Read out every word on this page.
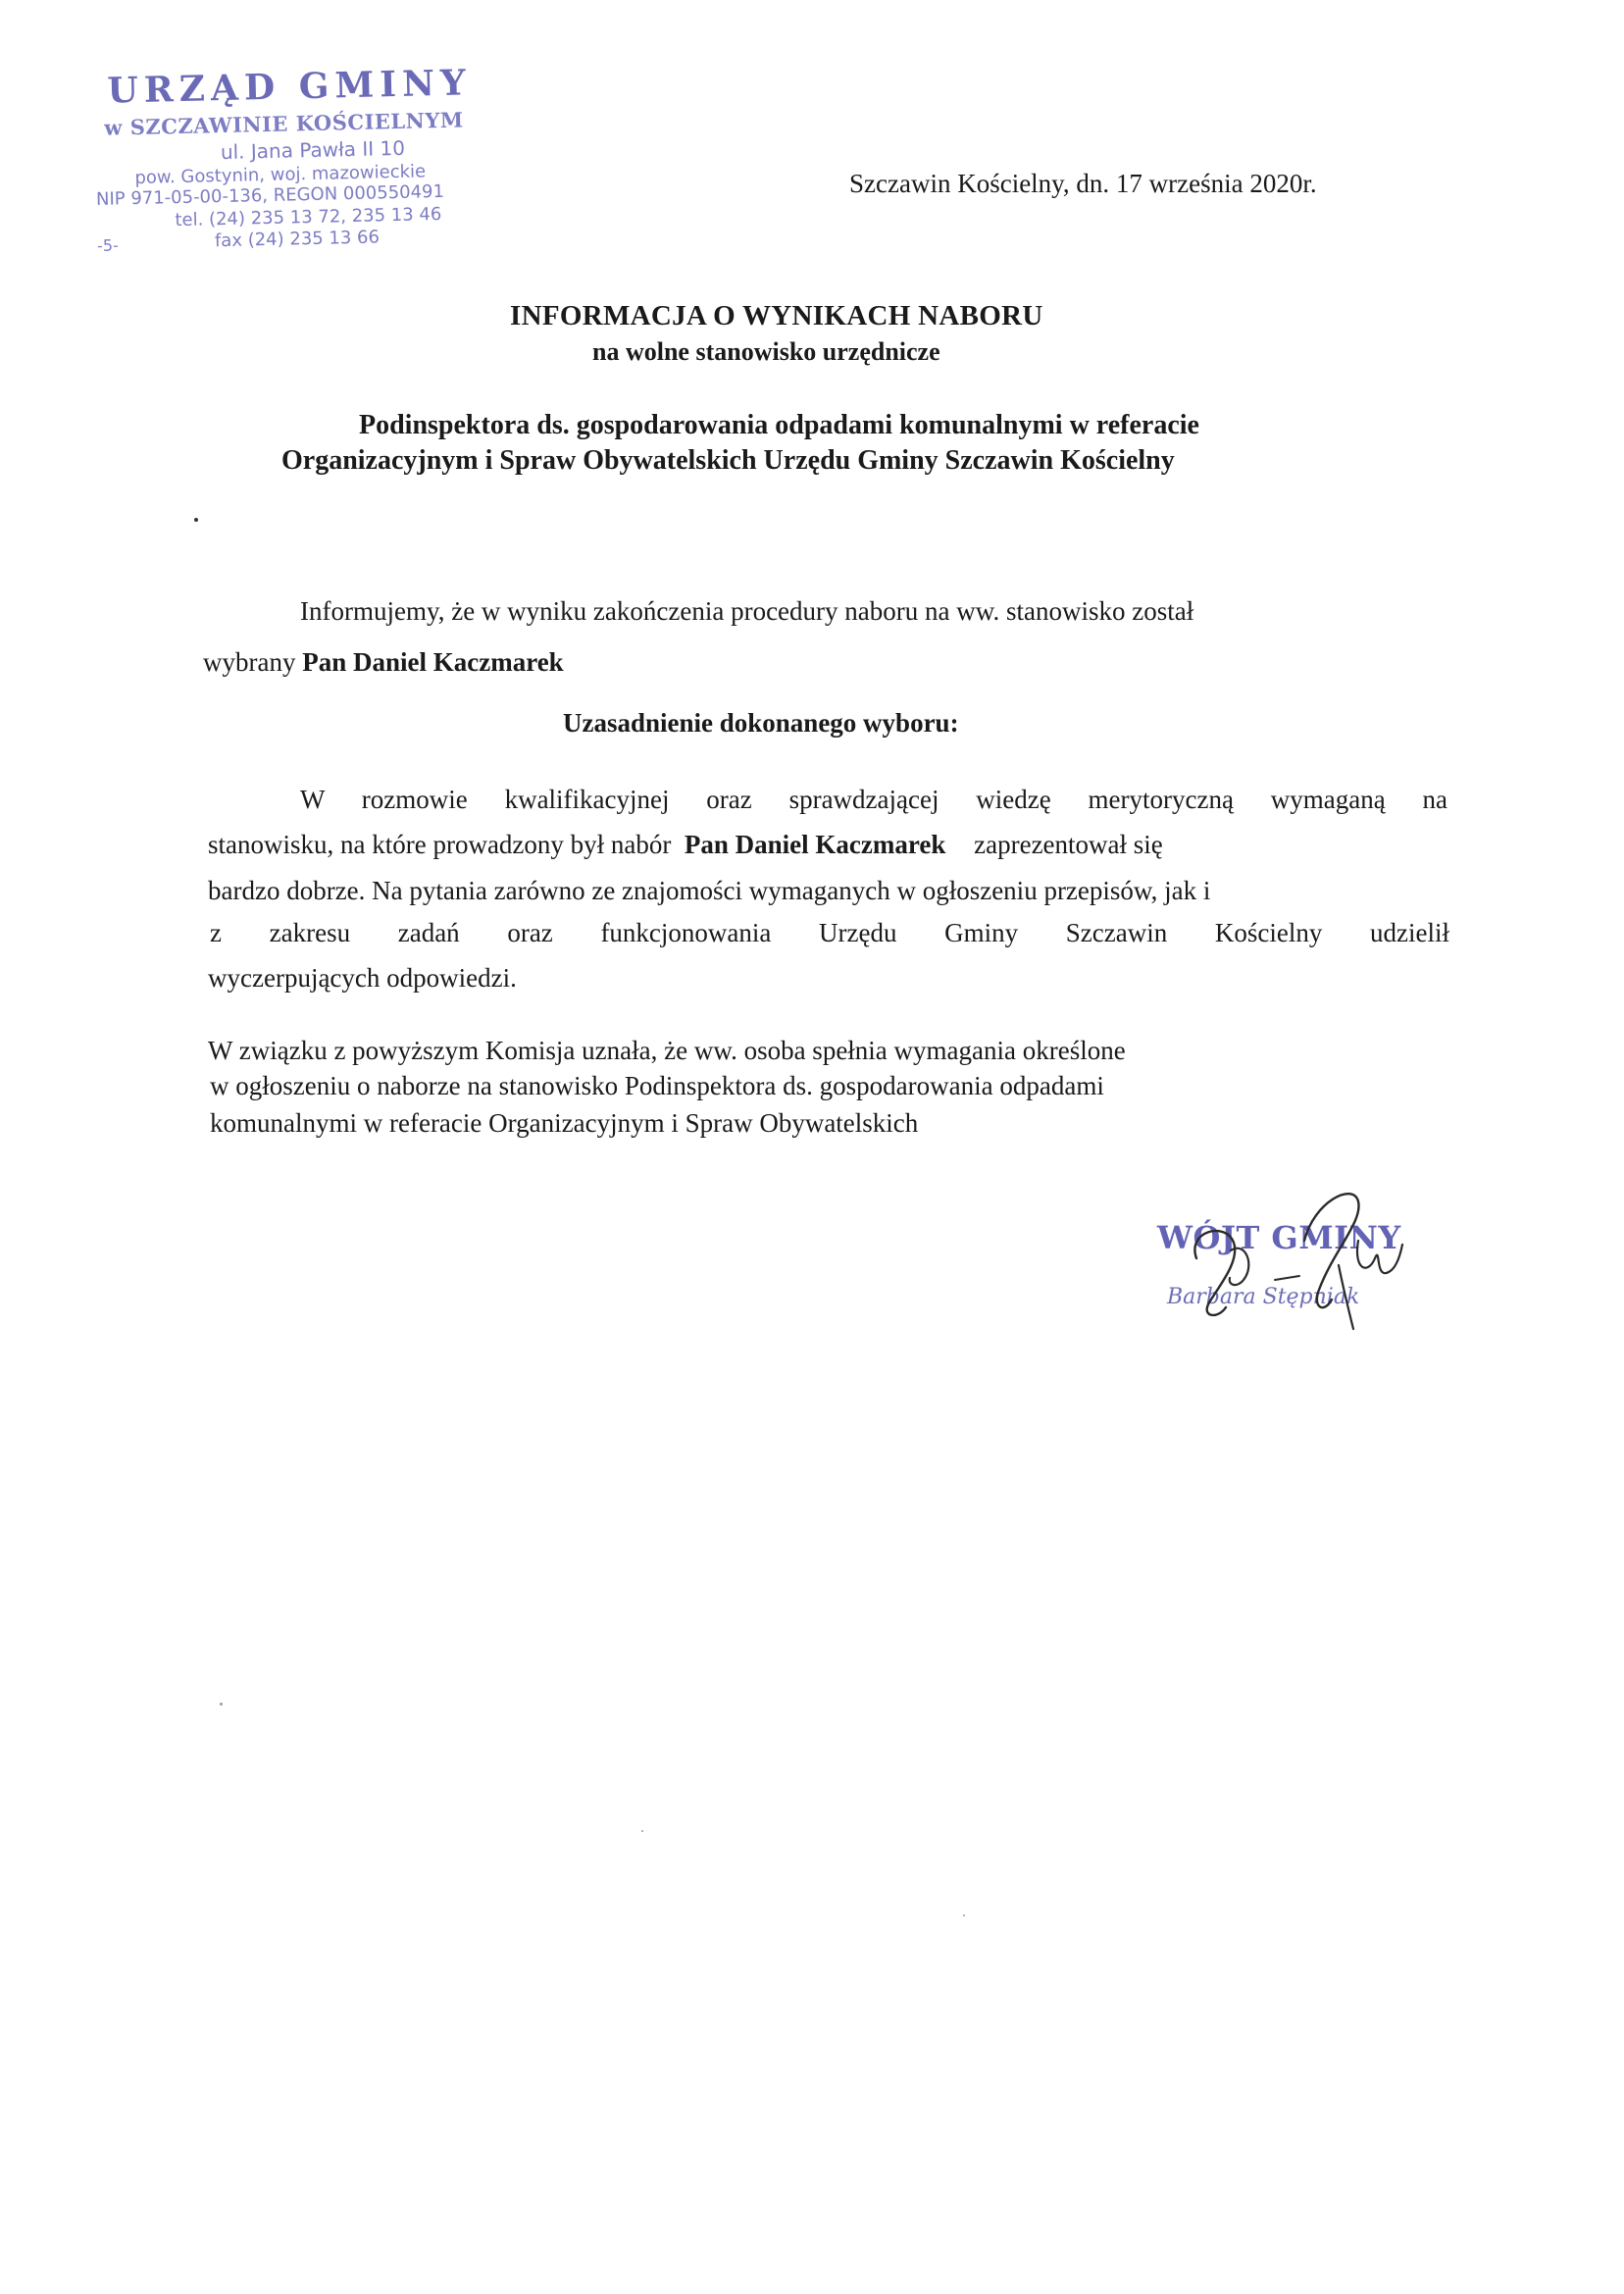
URZĄD GMINY
w SZCZAWINIE KOŚCIELNYM
ul. Jana Pawła II 10
pow. Gostynin, woj. mazowieckie
NIP 971-05-00-136, REGON 000550491
tel. (24) 235 13 72, 235 13 46
-5-	fax (24) 235 13 66
Szczawin Kościelny, dn. 17 września 2020r.
INFORMACJA O WYNIKACH NABORU
na wolne stanowisko urzędnicze
Podinspektora ds. gospodarowania odpadami komunalnymi w referacie
Organizacyjnym i Spraw Obywatelskich Urzędu Gminy Szczawin Kościelny
Informujemy, że w wyniku zakończenia procedury naboru na ww. stanowisko został
wybrany Pan Daniel Kaczmarek
Uzasadnienie dokonanego wyboru:
W rozmowie kwalifikacyjnej oraz sprawdzającej wiedzę merytoryczną wymaganą na
stanowisku, na które prowadzony był nabór  Pan Daniel Kaczmarek zaprezentował się
bardzo dobrze. Na pytania zarówno ze znajomości wymaganych w ogłoszeniu przepisów, jak i
z zakresu zadań oraz funkcjonowania Urzędu Gminy Szczawin Kościelny udzielił
wyczerpujących odpowiedzi.
W związku z powyższym Komisja uznała, że ww. osoba spełnia wymagania określone
w ogłoszeniu o naborze na stanowisko Podinspektora ds. gospodarowania odpadami
komunalnymi w referacie Organizacyjnym i Spraw Obywatelskich
WÓJT GMINY
Barbara Stępniak
